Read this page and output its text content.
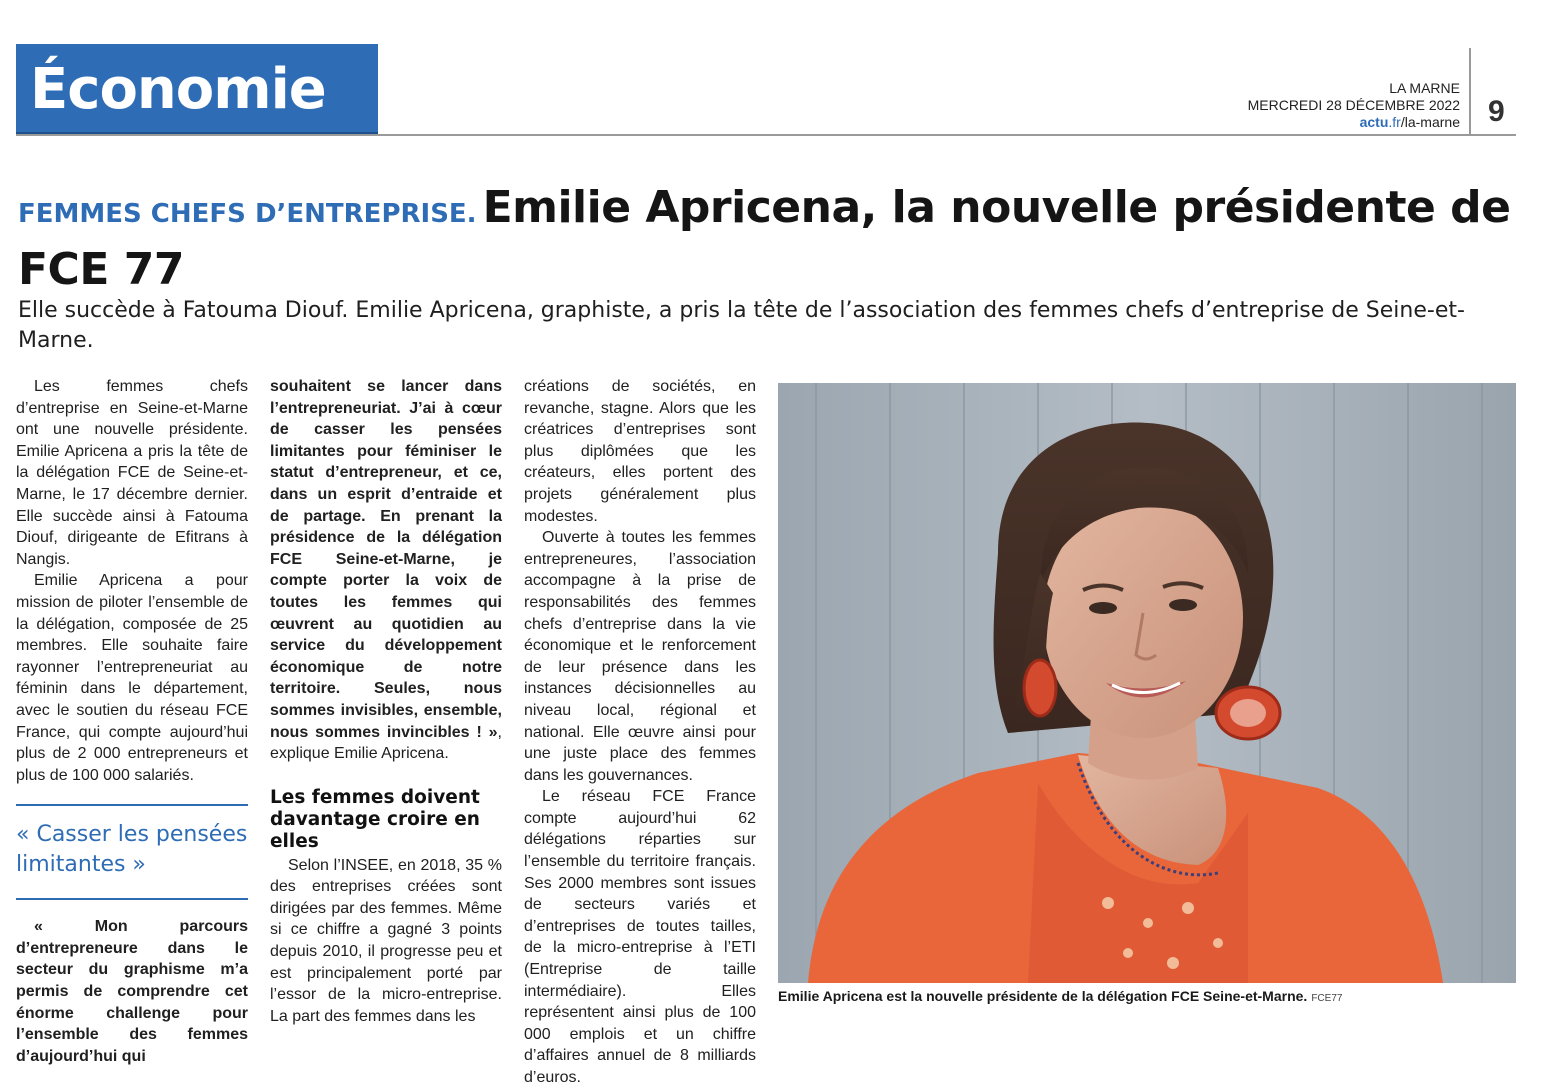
Économie	LA MARNE
MERCREDI 28 DÉCEMBRE 2022
actu.fr/la-marne 9
FEMMES CHEFS D’ENTREPRISE. Emilie Apricena, la nouvelle présidente de FCE 77

Elle succède à Fatouma Diouf. Emilie Apricena, graphiste, a pris la tête de l’association des femmes chefs d’entreprise de Seine-et-Marne.

Les femmes chefs d’entreprise en Seine-et-Marne ont une nouvelle présidente. Emilie Apricena a pris la tête de la délégation FCE de Seine-et-Marne, le 17 décembre dernier. Elle succède ainsi à Fatouma Diouf, dirigeante de Efitrans à Nangis.

Emilie Apricena a pour mission de piloter l’ensemble de la délégation, composée de 25 membres. Elle souhaite faire rayonner l’entrepreneuriat au féminin dans le département, avec le soutien du réseau FCE France, qui compte aujourd’hui plus de 2 000 entrepreneurs et plus de 100 000 salariés.

« Casser les pensées limitantes »

« Mon parcours d’entrepreneure dans le secteur du graphisme m’a permis de comprendre cet énorme challenge pour l’ensemble des femmes d’aujourd’hui qui

souhaitent se lancer dans l’entrepreneuriat. J’ai à cœur de casser les pensées limitantes pour féminiser le statut d’entrepreneur, et ce, dans un esprit d’entraide et de partage. En prenant la présidence de la délégation FCE Seine-et-Marne, je compte porter la voix de toutes les femmes qui œuvrent au quotidien au service du développement économique de notre territoire. Seules, nous sommes invisibles, ensemble, nous sommes invincibles ! », explique Emilie Apricena.

Les femmes doivent davantage croire en elles

Selon l’INSEE, en 2018, 35 % des entreprises créées sont dirigées par des femmes. Même si ce chiffre a gagné 3 points depuis 2010, il progresse peu et est principalement porté par l’essor de la micro-entreprise. La part des femmes dans les

créations de sociétés, en revanche, stagne. Alors que les créatrices d’entreprises sont plus diplômées que les créateurs, elles portent des projets généralement plus modestes.

Ouverte à toutes les femmes entrepreneures, l’association accompagne à la prise de responsabilités des femmes chefs d’entreprise dans la vie économique et le renforcement de leur présence dans les instances décisionnelles au niveau local, régional et national. Elle œuvre ainsi pour une juste place des femmes dans les gouvernances.

Le réseau FCE France compte aujourd’hui 62 délégations réparties sur l’ensemble du territoire français. Ses 2000 membres sont issues de secteurs variés et d’entreprises de toutes tailles, de la micro-entreprise à l’ETI (Entreprise de taille intermédiaire). Elles représentent ainsi plus de 100 000 emplois et un chiffre d’affaires annuel de 8 milliards d’euros.

Emilie Apricena est la nouvelle présidente de la délégation FCE Seine-et-Marne. FCE77
